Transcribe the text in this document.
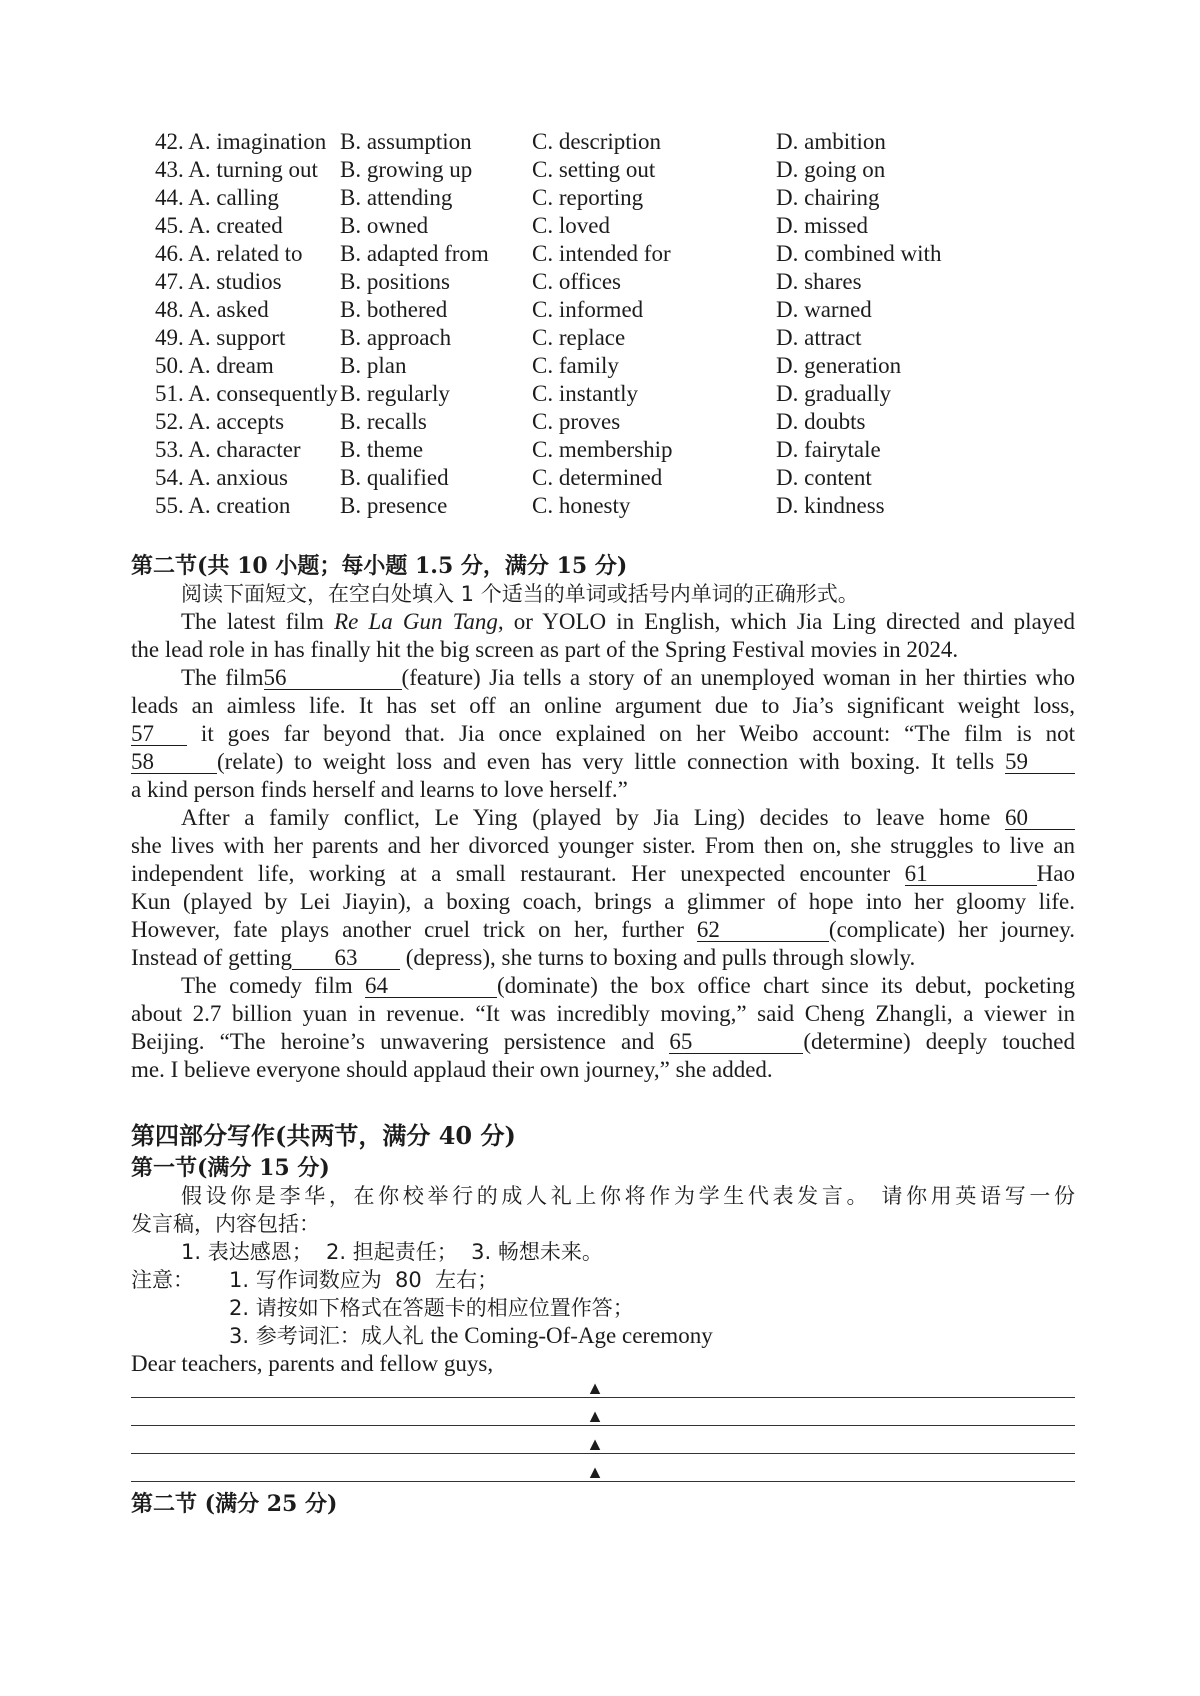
42. A. imagination	B. assumption	C. description	D. ambition
43. A. turning out	B. growing up	C. setting out	D. going on
44. A. calling	B. attending	C. reporting	D. chairing
45. A. created	B. owned	C. loved	D. missed
46. A. related to	B. adapted from	C. intended for	D. combined with
47. A. studios	B. positions	C. offices	D. shares
48. A. asked	B. bothered	C. informed	D. warned
49. A. support	B. approach	C. replace	D. attract
50. A. dream	B. plan	C. family	D. generation
51. A. consequently	B. regularly	C. instantly	D. gradually
52. A. accepts	B. recalls	C. proves	D. doubts
53. A. character	B. theme	C. membership	D. fairytale
54. A. anxious	B. qualified	C. determined	D. content
55. A. creation	B. presence	C. honesty	D. kindness
第二节(共 10 小题；每小题 1.5 分，满分 15 分)
阅读下面短文，在空白处填入 1 个适当的单词或括号内单词的正确形式。
The latest film Re La Gun Tang, or YOLO in English, which Jia Ling directed and played
the lead role in has finally hit the big screen as part of the Spring Festival movies in 2024.
The film56	(feature) Jia tells a story of an unemployed woman in her thirties who
leads an aimless life. It has set off an online argument due to Jia’s significant weight loss,
57 it goes far beyond that. Jia once explained on her Weibo account: “The film is not
58	(relate) to weight loss and even has very little connection with boxing. It tells 59
a kind person finds herself and learns to love herself.”
After a family conflict, Le Ying (played by Jia Ling) decides to leave home 60
she lives with her parents and her divorced younger sister. From then on, she struggles to live an
independent life, working at a small restaurant. Her unexpected encounter 61	Hao
Kun (played by Lei Jiayin), a boxing coach, brings a glimmer of hope into her gloomy life.
However, fate plays another cruel trick on her, further 62	(complicate) her journey.
Instead of getting 63 (depress), she turns to boxing and pulls through slowly.
The comedy film 64	(dominate) the box office chart since its debut, pocketing
about 2.7 billion yuan in revenue. “It was incredibly moving,” said Cheng Zhangli, a viewer in
Beijing. “The heroine’s unwavering persistence and 65	(determine) deeply touched
me. I believe everyone should applaud their own journey,” she added.
第四部分写作(共两节，满分 40 分)
第一节(满分 15 分)
假设你是李华，在你校举行的成人礼上你将作为学生代表发言。 请你用英语写一份
发言稿，内容包括：
1. 表达感恩；  2. 担起责任；  3. 畅想未来。
注意：	1. 写作词数应为  80  左右；
2. 请按如下格式在答题卡的相应位置作答；
3. 参考词汇：成人礼 the Coming-Of-Age ceremony
Dear teachers, parents and fellow guys,
▲
▲
▲
▲
第二节 (满分 25 分)
